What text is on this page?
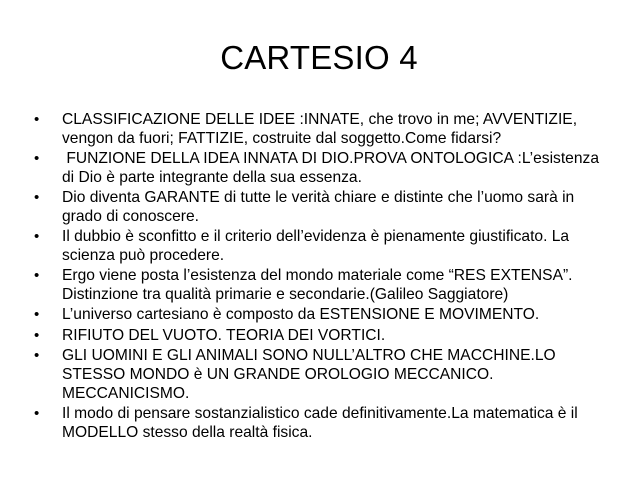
CARTESIO 4
•	CLASSIFICAZIONE DELLE IDEE :INNATE, che trovo in me; AVVENTIZIE, vengon da fuori; FATTIZIE, costruite dal soggetto.Come fidarsi?
•	FUNZIONE DELLA IDEA INNATA DI DIO.PROVA ONTOLOGICA :L’esistenza di Dio è parte integrante della sua essenza.
•	Dio diventa GARANTE di tutte le verità chiare e distinte che l’uomo sarà in grado di conoscere.
•	Il dubbio è sconfitto e il criterio dell’evidenza è pienamente giustificato. La scienza può procedere.
•	Ergo viene posta l’esistenza del mondo materiale come “RES EXTENSA”. Distinzione tra qualità primarie e secondarie.(Galileo Saggiatore)
•	L’universo cartesiano è composto da ESTENSIONE E MOVIMENTO.
•	RIFIUTO DEL VUOTO. TEORIA DEI VORTICI.
•	GLI UOMINI E GLI ANIMALI SONO NULL’ALTRO CHE MACCHINE.LO STESSO MONDO è UN GRANDE OROLOGIO MECCANICO. MECCANICISMO.
•	Il modo di pensare sostanzialistico cade definitivamente.La matematica è il MODELLO stesso della realtà fisica.
